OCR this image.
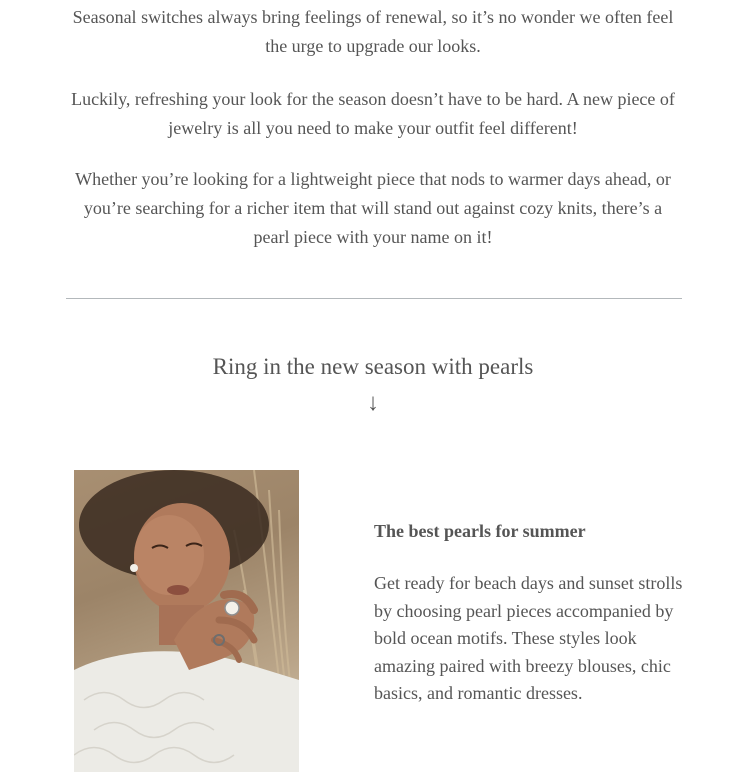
Seasonal switches always bring feelings of renewal, so it’s no wonder we often feel the urge to upgrade our looks.

Luckily, refreshing your look for the season doesn’t have to be hard. A new piece of jewelry is all you need to make your outfit feel different!

Whether you’re looking for a lightweight piece that nods to warmer days ahead, or you’re searching for a richer item that will stand out against cozy knits, there’s a pearl piece with your name on it!

Ring in the new season with pearls
↓

The best pearls for summer

Get ready for beach days and sunset strolls by choosing pearl pieces accompanied by bold ocean motifs. These styles look amazing paired with breezy blouses, chic basics, and romantic dresses.
